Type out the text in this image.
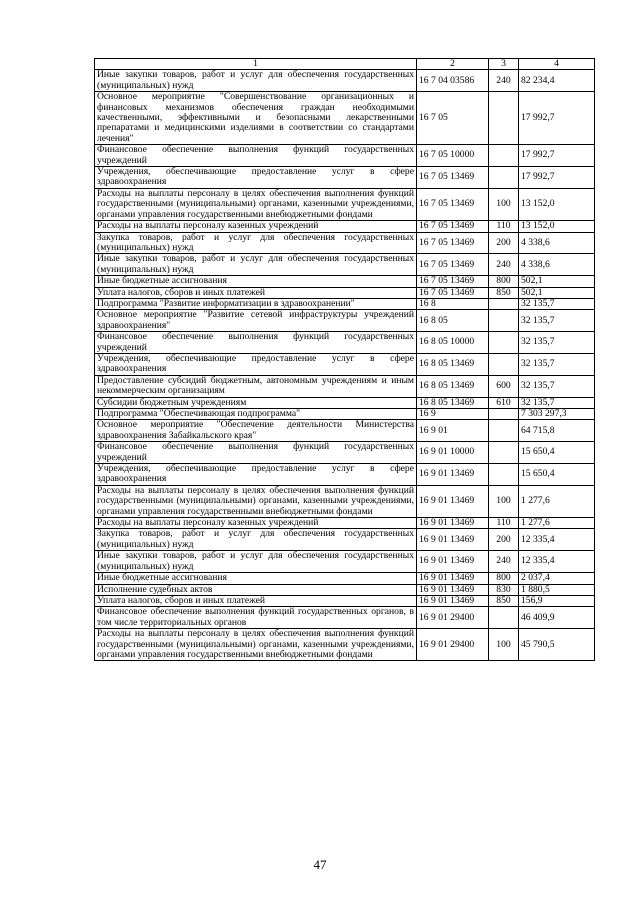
1	2	3	4
Иные закупки товаров, работ и услуг для обеспечения государственных (муниципальных) нужд	16 7 04 03586	240	82 234,4
Основное мероприятие "Совершенствование организационных и финансовых механизмов обеспечения граждан необходимыми качественными, эффективными и безопасными лекарственными препаратами и медицинскими изделиями в соответствии со стандартами лечения"	16 7 05		17 992,7
Финансовое обеспечение выполнения функций государственных учреждений	16 7 05 10000		17 992,7
Учреждения, обеспечивающие предоставление услуг в сфере здравоохранения	16 7 05 13469		17 992,7
Расходы на выплаты персоналу в целях обеспечения выполнения функций государственными (муниципальными) органами, казенными учреждениями, органами управления государственными внебюджетными фондами	16 7 05 13469	100	13 152,0
Расходы на выплаты персоналу казенных учреждений	16 7 05 13469	110	13 152,0
Закупка товаров, работ и услуг для обеспечения государственных (муниципальных) нужд	16 7 05 13469	200	4 338,6
Иные закупки товаров, работ и услуг для обеспечения государственных (муниципальных) нужд	16 7 05 13469	240	4 338,6
Иные бюджетные ассигнования	16 7 05 13469	800	502,1
Уплата налогов, сборов и иных платежей	16 7 05 13469	850	502,1
Подпрограмма "Развитие информатизации в здравоохранении"	16 8		32 135,7
Основное мероприятие "Развитие сетевой инфраструктуры учреждений здравоохранения"	16 8 05		32 135,7
Финансовое обеспечение выполнения функций государственных учреждений	16 8 05 10000		32 135,7
Учреждения, обеспечивающие предоставление услуг в сфере здравоохранения	16 8 05 13469		32 135,7
Предоставление субсидий бюджетным, автономным учреждениям и иным некоммерческим организациям	16 8 05 13469	600	32 135,7
Субсидии бюджетным учреждениям	16 8 05 13469	610	32 135,7
Подпрограмма "Обеспечивающая подпрограмма"	16 9		7 303 297,3
Основное мероприятие "Обеспечение деятельности Министерства здравоохранения Забайкальского края"	16 9 01		64 715,8
Финансовое обеспечение выполнения функций государственных учреждений	16 9 01 10000		15 650,4
Учреждения, обеспечивающие предоставление услуг в сфере здравоохранения	16 9 01 13469		15 650,4
Расходы на выплаты персоналу в целях обеспечения выполнения функций государственными (муниципальными) органами, казенными учреждениями, органами управления государственными внебюджетными фондами	16 9 01 13469	100	1 277,6
Расходы на выплаты персоналу казенных учреждений	16 9 01 13469	110	1 277,6
Закупка товаров, работ и услуг для обеспечения государственных (муниципальных) нужд	16 9 01 13469	200	12 335,4
Иные закупки товаров, работ и услуг для обеспечения государственных (муниципальных) нужд	16 9 01 13469	240	12 335,4
Иные бюджетные ассигнования	16 9 01 13469	800	2 037,4
Исполнение судебных актов	16 9 01 13469	830	1 880,5
Уплата налогов, сборов и иных платежей	16 9 01 13469	850	156,9
Финансовое обеспечение выполнения функций государственных органов, в том числе территориальных органов	16 9 01 29400		46 409,9
Расходы на выплаты персоналу в целях обеспечения выполнения функций государственными (муниципальными) органами, казенными учреждениями, органами управления государственными внебюджетными фондами	16 9 01 29400	100	45 790,5
47
